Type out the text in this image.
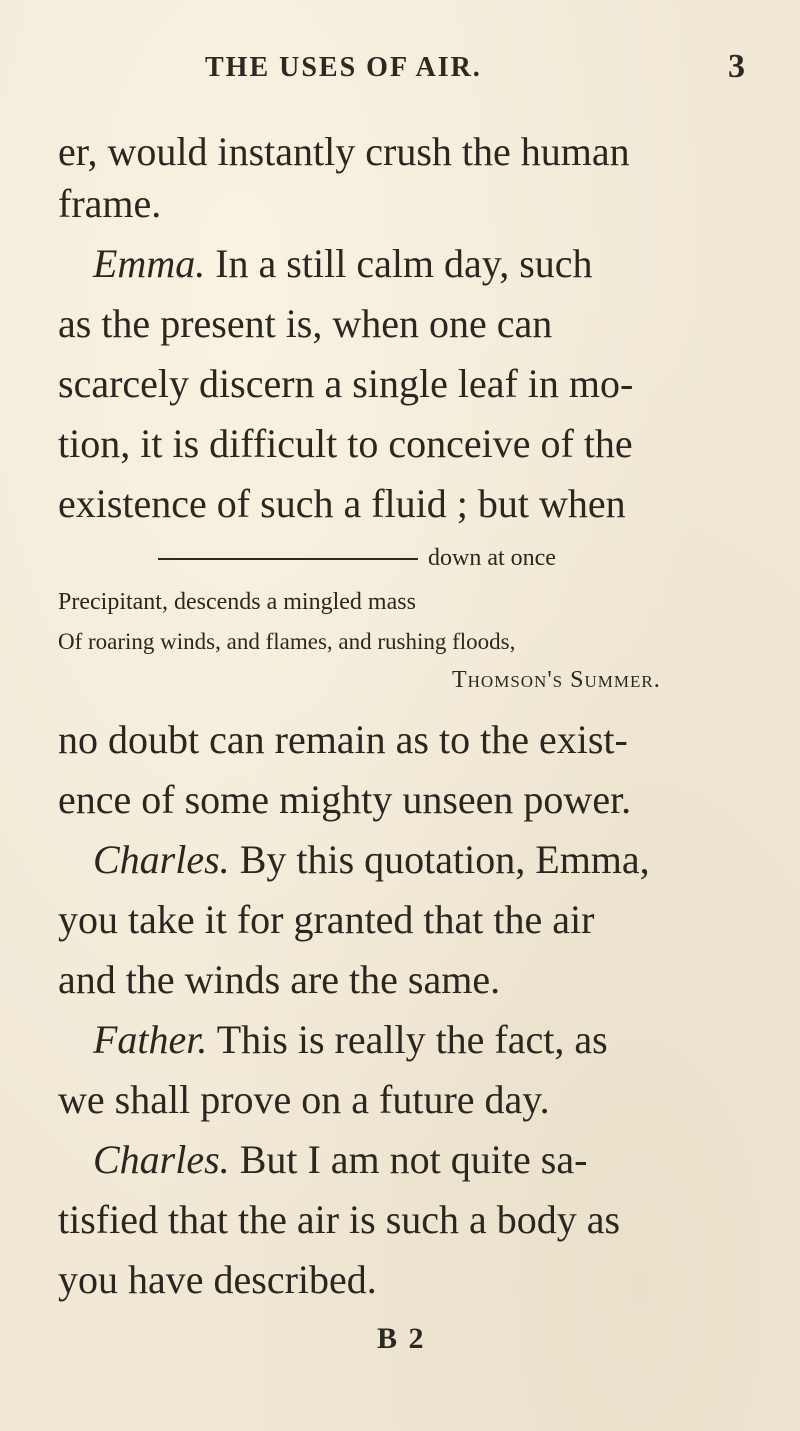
THE USES OF AIR.	3
er, would instantly crush the human
frame.
Emma. In a still calm day, such
as the present is, when one can
scarcely discern a single leaf in mo-
tion, it is difficult to conceive of the
existence of such a fluid ; but when
down at once
Precipitant, descends a mingled mass
Of roaring winds, and flames, and rushing floods,
Thomson's Summer.
no doubt can remain as to the exist-
ence of some mighty unseen power.
Charles. By this quotation, Emma,
you take it for granted that the air
and the winds are the same.
Father. This is really the fact, as
we shall prove on a future day.
Charles. But I am not quite sa-
tisfied that the air is such a body as
you have described.
B 2
